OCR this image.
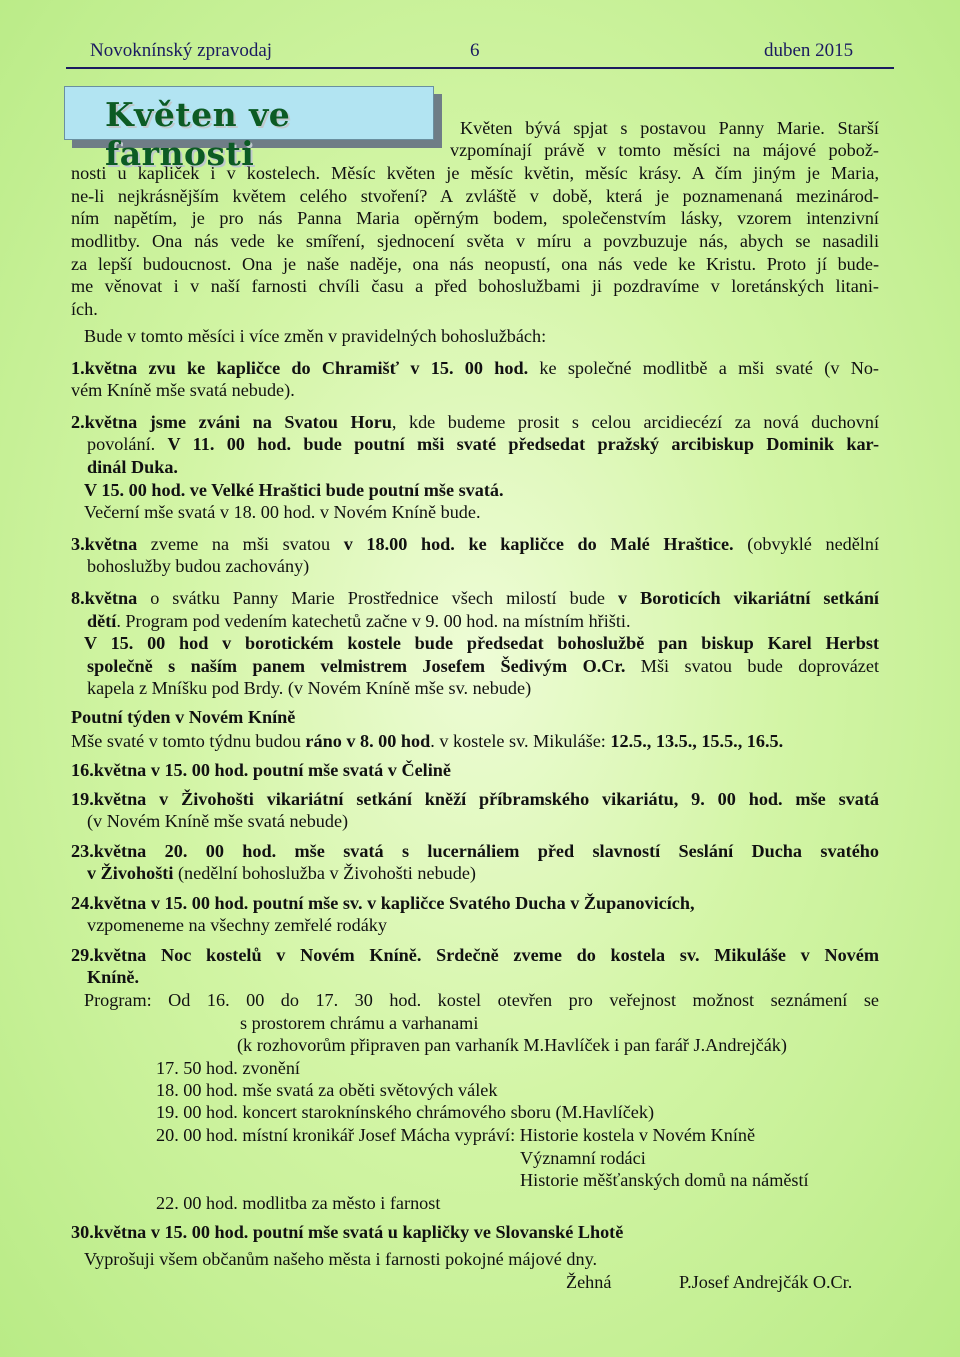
Novoknínský zpravodaj	6	duben 2015
Květen ve farnosti
Květen bývá spjat s postavou Panny Marie. Starší
vzpomínají právě v tomto měsíci na májové pobož-
nosti u kapliček i v kostelech. Měsíc květen je měsíc květin, měsíc krásy. A čím jiným je Maria,
ne-li nejkrásnějším květem celého stvoření? A zvláště v době, která je poznamenaná mezinárod-
ním napětím, je pro nás Panna Maria opěrným bodem, společenstvím lásky, vzorem intenzivní
modlitby. Ona nás vede ke smíření, sjednocení světa v míru a povzbuzuje nás, abych se nasadili
za lepší budoucnost. Ona je naše naděje, ona nás neopustí, ona nás vede ke Kristu. Proto jí bude-
me věnovat i v naší farnosti chvíli času a před bohoslužbami ji pozdravíme v loretánských litani-
ích.
Bude v tomto měsíci i více změn v pravidelných bohoslužbách:
1.května zvu ke kapličce do Chramišť v 15. 00 hod. ke společné modlitbě a mši svaté (v No-
vém Kníně mše svatá nebude).
2.května jsme zváni na Svatou Horu, kde budeme prosit s celou arcidiecézí za nová duchovní
povolání. V 11. 00 hod. bude poutní mši svaté předsedat pražský arcibiskup Dominik kar-
dinál Duka.
V 15. 00 hod. ve Velké Hraštici bude poutní mše svatá.
Večerní mše svatá v 18. 00 hod. v Novém Kníně bude.
3.května zveme na mši svatou v 18.00 hod. ke kapličce do Malé Hraštice. (obvyklé nedělní
bohoslužby budou zachovány)
8.května o svátku Panny Marie Prostřednice všech milostí bude v Boroticích vikariátní setkání
dětí. Program pod vedením katechetů začne v 9. 00 hod. na místním hřišti.
V 15. 00 hod v borotickém kostele bude předsedat bohoslužbě pan biskup Karel Herbst
společně s naším panem velmistrem Josefem Šedivým O.Cr. Mši svatou bude doprovázet
kapela z Mníšku pod Brdy. (v Novém Kníně mše sv. nebude)
Poutní týden v Novém Kníně
Mše svaté v tomto týdnu budou ráno v 8. 00 hod. v kostele sv. Mikuláše: 12.5., 13.5., 15.5., 16.5.
16.května v 15. 00 hod. poutní mše svatá v Čelině
19.května v Živohošti vikariátní setkání kněží příbramského vikariátu, 9. 00 hod. mše svatá
(v Novém Kníně mše svatá nebude)
23.května 20. 00 hod. mše svatá s lucernáliem před slavností Seslání Ducha svatého
v Živohošti (nedělní bohoslužba v Živohošti nebude)
24.května v 15. 00 hod. poutní mše sv. v kapličce Svatého Ducha v Županovicích,
vzpomeneme na všechny zemřelé rodáky
29.května Noc kostelů v Novém Kníně. Srdečně zveme do kostela sv. Mikuláše v Novém
Kníně.
Program: Od 16. 00 do 17. 30 hod. kostel otevřen pro veřejnost možnost seznámení se
s prostorem chrámu a varhanami
(k rozhovorům připraven pan varhaník M.Havlíček i pan farář J.Andrejčák)
17. 50 hod. zvonění
18. 00 hod. mše svatá za oběti světových válek
19. 00 hod. koncert staroknínského chrámového sboru (M.Havlíček)
20. 00 hod. místní kronikář Josef Mácha vypráví: Historie kostela v Novém Kníně
Významní rodáci
Historie měšťanských domů na náměstí
22. 00 hod. modlitba za město i farnost
30.května v 15. 00 hod. poutní mše svatá u kapličky ve Slovanské Lhotě
Vyprošuji všem občanům našeho města i farnosti pokojné májové dny.
Žehná	P.Josef Andrejčák O.Cr.
